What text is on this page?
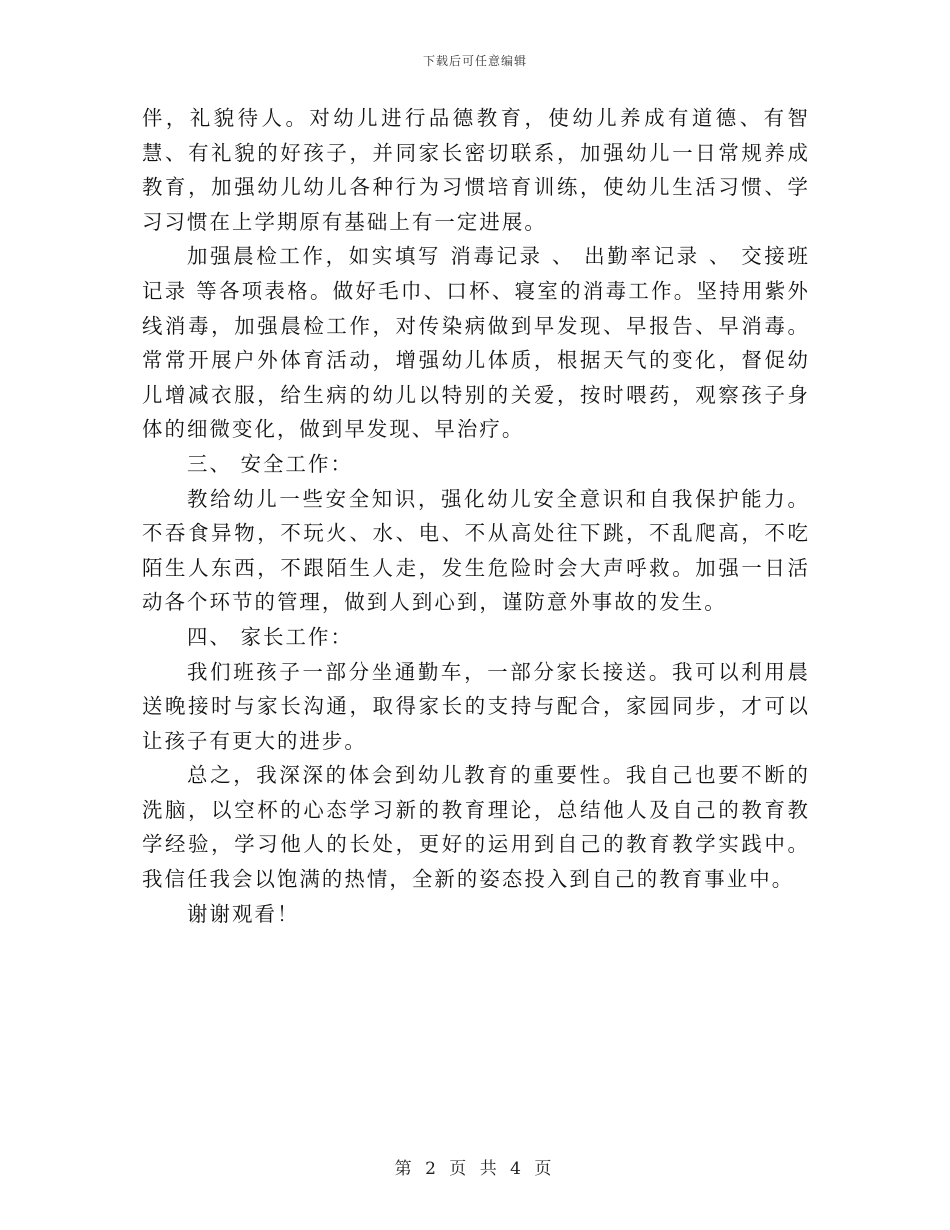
下载后可任意编辑

伴，礼貌待人。对幼儿进行品德教育，使幼儿养成有道德、有智慧、有礼貌的好孩子，并同家长密切联系，加强幼儿一日常规养成教育，加强幼儿幼儿各种行为习惯培育训练，使幼儿生活习惯、学习习惯在上学期原有基础上有一定进展。

加强晨检工作，如实填写 消毒记录 、 出勤率记录 、 交接班记录 等各项表格。做好毛巾、口杯、寝室的消毒工作。坚持用紫外线消毒，加强晨检工作，对传染病做到早发现、早报告、早消毒。常常开展户外体育活动，增强幼儿体质，根据天气的变化，督促幼儿增减衣服，给生病的幼儿以特别的关爱，按时喂药，观察孩子身体的细微变化，做到早发现、早治疗。

三、 安全工作：

教给幼儿一些安全知识，强化幼儿安全意识和自我保护能力。不吞食异物，不玩火、水、电、不从高处往下跳，不乱爬高，不吃陌生人东西，不跟陌生人走，发生危险时会大声呼救。加强一日活动各个环节的管理，做到人到心到，谨防意外事故的发生。

四、 家长工作：

我们班孩子一部分坐通勤车，一部分家长接送。我可以利用晨送晚接时与家长沟通，取得家长的支持与配合，家园同步，才可以让孩子有更大的进步。

总之，我深深的体会到幼儿教育的重要性。我自己也要不断的洗脑，以空杯的心态学习新的教育理论，总结他人及自己的教育教学经验，学习他人的长处，更好的运用到自己的教育教学实践中。我信任我会以饱满的热情，全新的姿态投入到自己的教育事业中。

谢谢观看！

第 2 页 共 4 页
